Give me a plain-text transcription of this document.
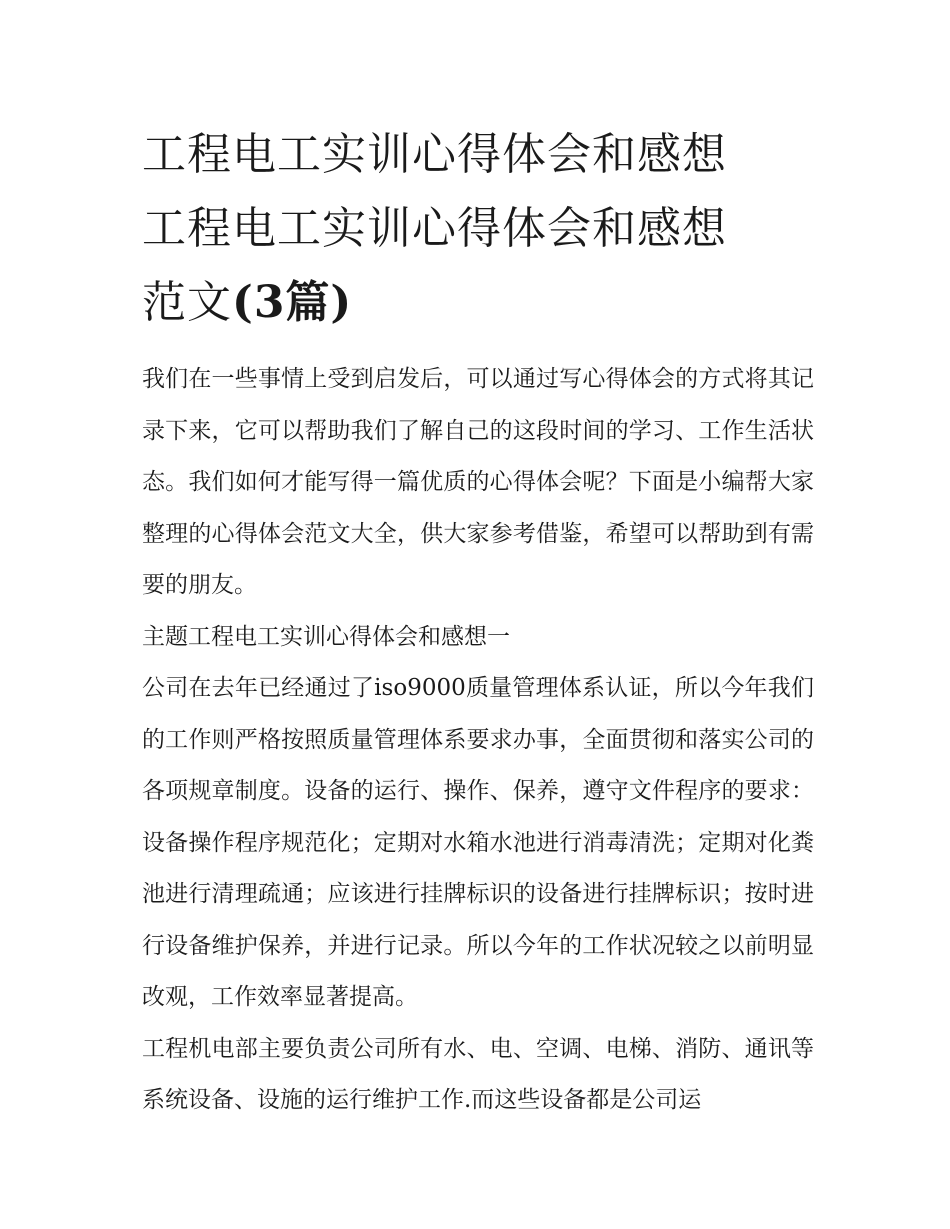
工程电工实训心得体会和感想
工程电工实训心得体会和感想
范文(3篇)

我们在一些事情上受到启发后，可以通过写心得体会的方式将其记录下来，它可以帮助我们了解自己的这段时间的学习、工作生活状态。我们如何才能写得一篇优质的心得体会呢？下面是小编帮大家整理的心得体会范文大全，供大家参考借鉴，希望可以帮助到有需要的朋友。

主题工程电工实训心得体会和感想一

公司在去年已经通过了iso9000质量管理体系认证，所以今年我们的工作则严格按照质量管理体系要求办事，全面贯彻和落实公司的各项规章制度。设备的运行、操作、保养，遵守文件程序的要求：设备操作程序规范化；定期对水箱水池进行消毒清洗；定期对化粪池进行清理疏通；应该进行挂牌标识的设备进行挂牌标识；按时进行设备维护保养，并进行记录。所以今年的工作状况较之以前明显改观，工作效率显著提高。

工程机电部主要负责公司所有水、电、空调、电梯、消防、通讯等系统设备、设施的运行维护工作.而这些设备都是公司运
